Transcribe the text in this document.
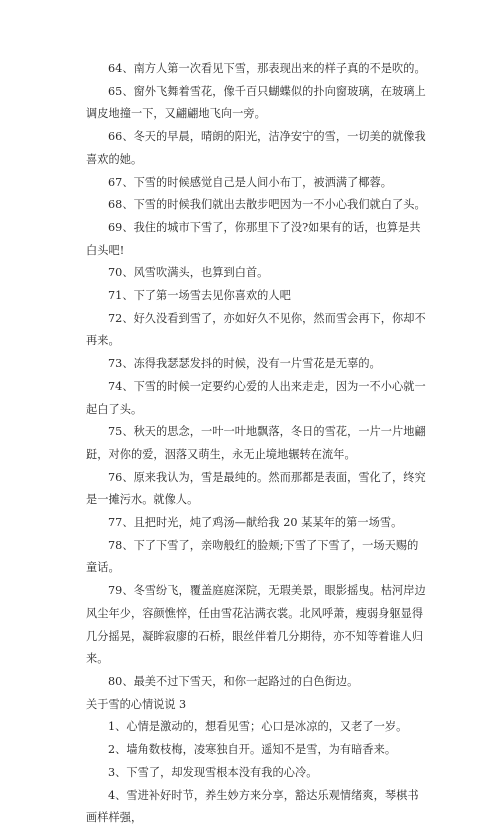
64、南方人第一次看见下雪，那表现出来的样子真的不是吹的。

65、窗外飞舞着雪花，像千百只蝴蝶似的扑向窗玻璃，在玻璃上调皮地撞一下，又翩翩地飞向一旁。

66、冬天的早晨，晴朗的阳光，洁净安宁的雪，一切美的就像我喜欢的她。

67、下雪的时候感觉自己是人间小布丁，被洒满了椰蓉。

68、下雪的时候我们就出去散步吧因为一不小心我们就白了头。

69、我住的城市下雪了，你那里下了没?如果有的话，也算是共白头吧!

70、风雪吹满头，也算到白首。

71、下了第一场雪去见你喜欢的人吧

72、好久没看到雪了，亦如好久不见你，然而雪会再下，你却不再来。

73、冻得我瑟瑟发抖的时候，没有一片雪花是无辜的。

74、下雪的时候一定要约心爱的人出来走走，因为一不小心就一起白了头。

75、秋天的思念，一叶一叶地飘落，冬日的雪花，一片一片地翩跹，对你的爱，洇落又萌生，永无止境地辗转在流年。

76、原来我认为，雪是最纯的。然而那都是表面，雪化了，终究是一摊污水。就像人。

77、且把时光，炖了鸡汤—献给我 20 某某年的第一场雪。

78、下了下雪了，亲吻般红的脸颊;下雪了下雪了，一场天赐的童话。

79、冬雪纷飞，覆盖庭庭深院，无瑕美景，眼影摇曳。枯河岸边风尘年少，容颜憔悴，任由雪花沾满衣裳。北风呼萧，瘦弱身躯显得几分摇晃，凝眸寂廖的石桥，眼丝伴着几分期待，亦不知等着谁人归来。

80、最美不过下雪天，和你一起路过的白色街边。

关于雪的心情说说 3

1、心情是激动的，想看见雪；心口是冰凉的，又老了一岁。

2、墙角数枝梅，凌寒独自开。遥知不是雪，为有暗香来。

3、下雪了，却发现雪根本没有我的心冷。

4、雪进补好时节，养生妙方来分享，豁达乐观情绪爽，琴棋书画样样强，
